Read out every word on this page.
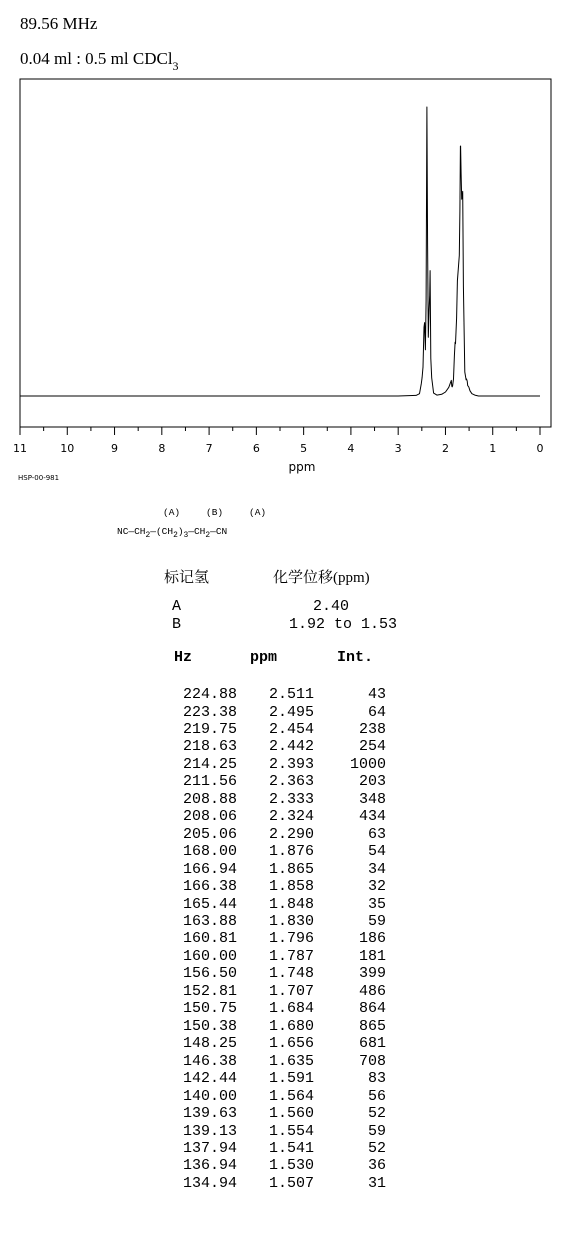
89.56 MHz
0.04 ml : 0.5 ml CDCl$_3$
11	10	9	8	7	6	5	4	3	2	1	0
ppm
HSP-00-981
(A)	(B)	(A)
$NC—CH_2—(CH_2)_3—CH_2—CN$
标记氢	化学位移(ppm)
A	2.40
B	1.92 to 1.53
Hz	ppm	Int.
224.88 2.511	43
223.38 2.495	64
219.75 2.454	238
218.63 2.442	254
214.25 2.393 1000
211.56 2.363	203
208.88 2.333	348
208.06 2.324	434
205.06 2.290	63
168.00 1.876	54
166.94 1.865	34
166.38 1.858	32
165.44 1.848	35
163.88 1.830	59
160.81 1.796	186
160.00 1.787	181
156.50 1.748	399
152.81 1.707	486
150.75 1.684	864
150.38 1.680	865
148.25 1.656	681
146.38 1.635	708
142.44 1.591	83
140.00 1.564	56
139.63 1.560	52
139.13 1.554	59
137.94 1.541	52
136.94 1.530	36
134.94 1.507	31
